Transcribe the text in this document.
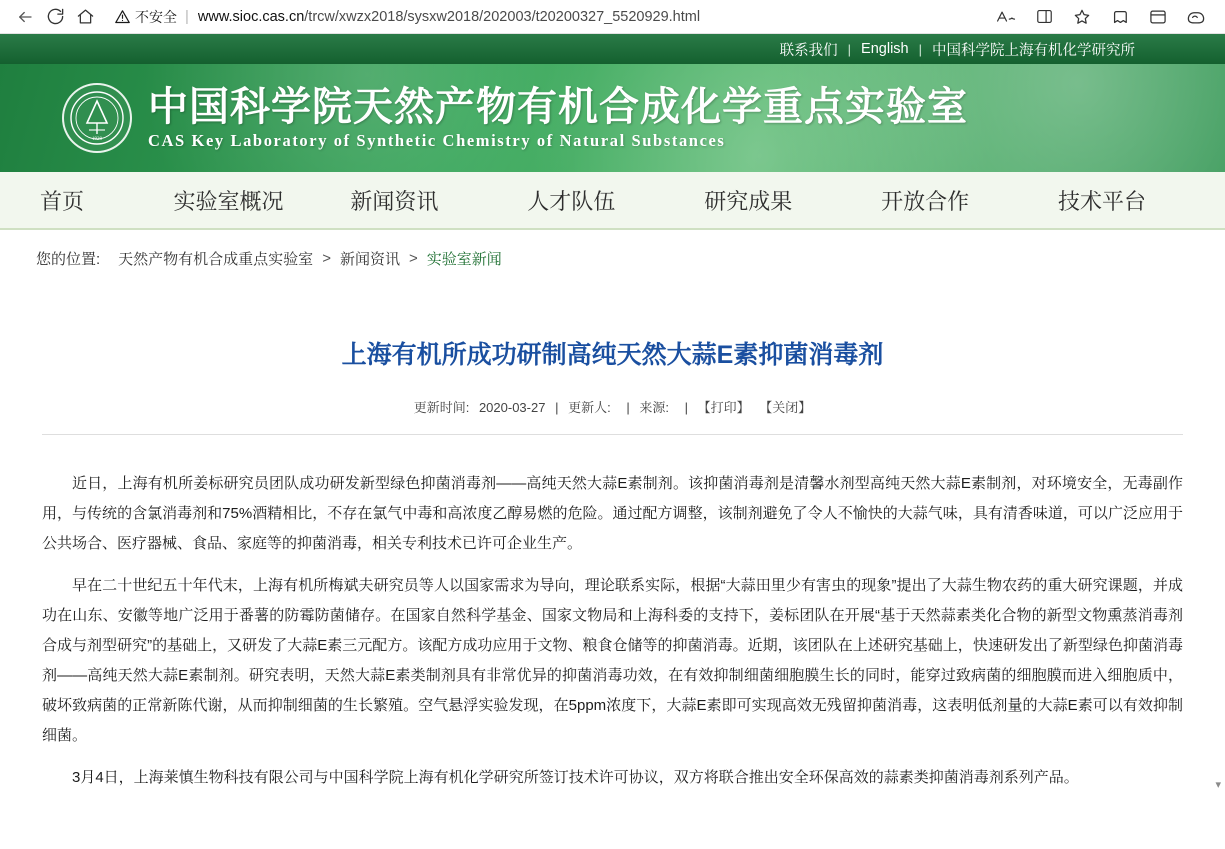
不安全 | www.sioc.cas.cn/trcw/xwzx2018/sysxw2018/202003/t20200327_5520929.html
联系我们 | English | 中国科学院上海有机化学研究所
1928
中国科学院天然产物有机合成化学重点实验室
CAS Key Laboratory of Synthetic Chemistry of Natural Substances
首页	实验室概况	新闻资讯	人才队伍	研究成果	开放合作	技术平台
您的位置: 天然产物有机合成重点实验室 > 新闻资讯 > 实验室新闻
上海有机所成功研制高纯天然大蒜E素抑菌消毒剂
更新时间: 2020-03-27 | 更新人: | 来源: | 【打印】 【关闭】

近日，上海有机所姜标研究员团队成功研发新型绿色抑菌消毒剂——高纯天然大蒜E素制剂。该抑菌消毒剂是清馨水剂型高纯天然大蒜E素制剂，对环境安全，无毒副作用，与传统的含氯消毒剂和75%酒精相比，不存在氯气中毒和高浓度乙醇易燃的危险。通过配方调整，该制剂避免了令人不愉快的大蒜气味，具有清香味道，可以广泛应用于公共场合、医疗器械、食品、家庭等的抑菌消毒，相关专利技术已许可企业生产。

早在二十世纪五十年代末，上海有机所梅斌夫研究员等人以国家需求为导向，理论联系实际，根据“大蒜田里少有害虫的现象”提出了大蒜生物农药的重大研究课题，并成功在山东、安徽等地广泛用于番薯的防霉防菌储存。在国家自然科学基金、国家文物局和上海科委的支持下，姜标团队在开展“基于天然蒜素类化合物的新型文物熏蒸消毒剂合成与剂型研究”的基础上，又研发了大蒜E素三元配方。该配方成功应用于文物、粮食仓储等的抑菌消毒。近期，该团队在上述研究基础上，快速研发出了新型绿色抑菌消毒剂——高纯天然大蒜E素制剂。研究表明，天然大蒜E素类制剂具有非常优异的抑菌消毒功效，在有效抑制细菌细胞膜生长的同时，能穿过致病菌的细胞膜而进入细胞质中，破坏致病菌的正常新陈代谢，从而抑制细菌的生长繁殖。空气悬浮实验发现，在5ppm浓度下，大蒜E素即可实现高效无残留抑菌消毒，这表明低剂量的大蒜E素可以有效抑制细菌。

3月4日，上海莱慎生物科技有限公司与中国科学院上海有机化学研究所签订技术许可协议，双方将联合推出安全环保高效的蒜素类抑菌消毒剂系列产品。	▾
